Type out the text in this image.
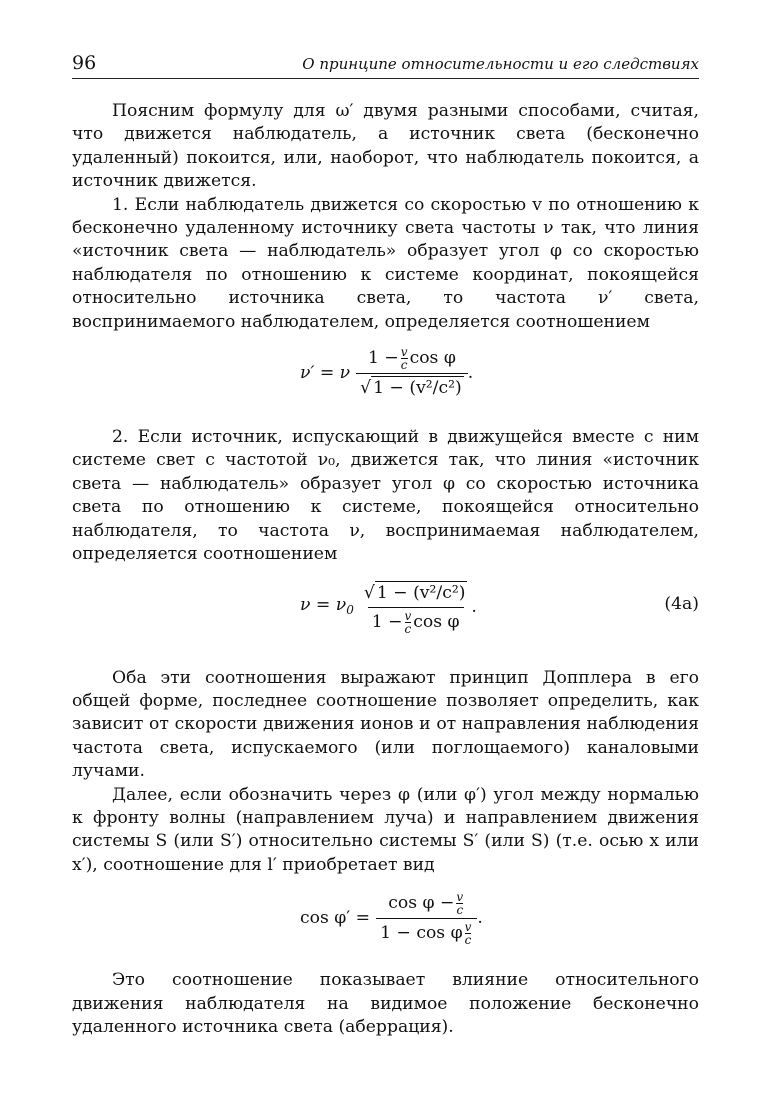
96	О принципе относительности и его следствиях

Поясним формулу для ω′ двумя разными способами, считая, что движется наблюдатель, а источник света (бесконечно удаленный) покоится, или, наоборот, что наблюдатель покоится, а источник движется.

1. Если наблюдатель движется со скоростью v по отношению к бесконечно удаленному источнику света частоты ν так, что линия «источник света — наблюдатель» образует угол φ со скоростью наблюдателя по отношению к системе координат, покоящейся относительно источника света, то частота ν′ света, воспринимаемого наблюдателем, определяется соотношением

ν′ = ν $\frac{1 - \frac{v}{c} \cos \varphi}{\text{√ 1 − (v²/c²)}}$ .

2. Если источник, испускающий в движущейся вместе с ним системе свет с частотой ν₀, движется так, что линия «источник света — наблюдатель» образует угол φ со скоростью источника света по отношению к системе, покоящейся относительно наблюдателя, то частота ν, воспринимаемая наблюдателем, определяется соотношением

$\nu = \nu_0 \frac{\text{√ 1 − (v²/c²)}}{1 - \frac{v}{c} \cos \varphi}$ .	(4a)

Оба эти соотношения выражают принцип Допплера в его общей форме, последнее соотношение позволяет определить, как зависит от скорости движения ионов и от направления наблюдения частота света, испускаемого (или поглощаемого) каналовыми лучами.

Далее, если обозначить через φ (или φ′) угол между нормалью к фронту волны (направлением луча) и направлением движения системы S (или S′) относительно системы S′ (или S) (т.е. осью x или x′), соотношение для l′ приобретает вид

$\cos \varphi' = \cos \varphi - \frac{v}{c}$
1 − cos φ v
c .

Это соотношение показывает влияние относительного движения наблюдателя на видимое положение бесконечно удаленного источника света (аберрация).
